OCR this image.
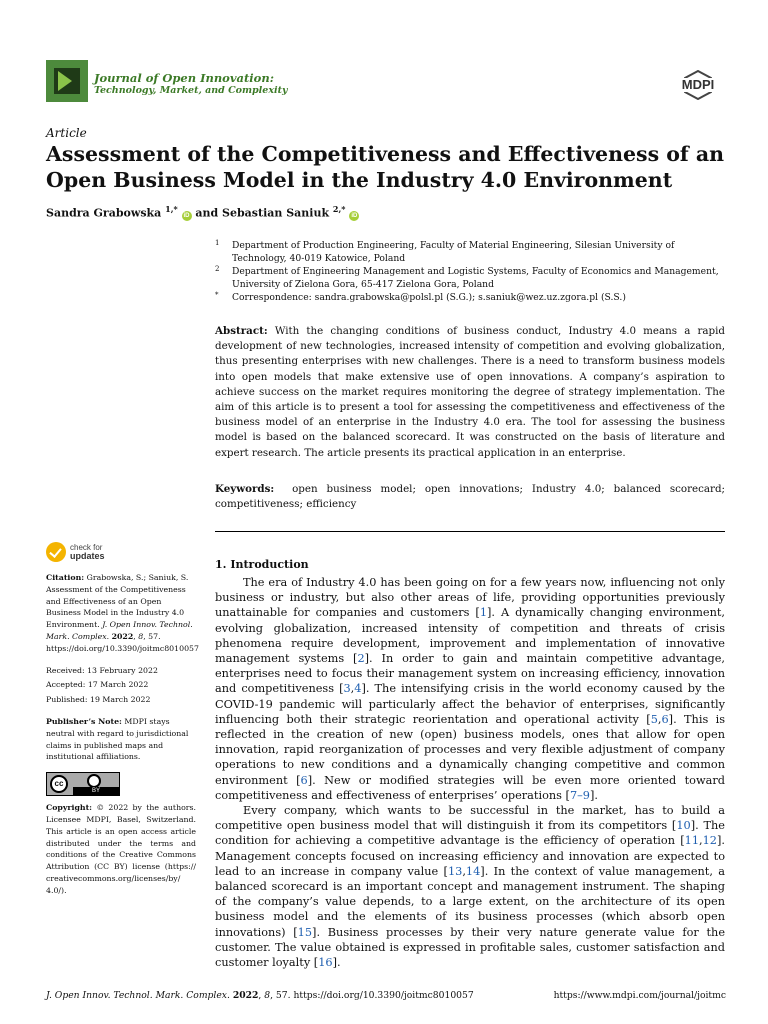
Journal of Open Innovation:
Technology, Market, and Complexity	MDPI
Article
Assessment of the Competitiveness and Effectiveness of an Open Business Model in the Industry 4.0 Environment
Sandra Grabowska $^{1,*}$ iD and Sebastian Saniuk $^{2,*}$ iD
1 Department of Production Engineering, Faculty of Material Engineering, Silesian University of Technology, 40-019 Katowice, Poland
2 Department of Engineering Management and Logistic Systems, Faculty of Economics and Management, University of Zielona Gora, 65-417 Zielona Gora, Poland
* Correspondence: sandra.grabowska@polsl.pl (S.G.); s.saniuk@wez.uz.zgora.pl (S.S.)
Abstract: With the changing conditions of business conduct, Industry 4.0 means a rapid development of new technologies, increased intensity of competition and evolving globalization, thus presenting enterprises with new challenges. There is a need to transform business models into open models that make extensive use of open innovations. A company’s aspiration to achieve success on the market requires monitoring the degree of strategy implementation. The aim of this article is to present a tool for assessing the competitiveness and effectiveness of the business model of an enterprise in the Industry 4.0 era. The tool for assessing the business model is based on the balanced scorecard. It was constructed on the basis of literature and expert research. The article presents its practical application in an enterprise.
Keywords: open business model; open innovations; Industry 4.0; balanced scorecard; competitiveness; efficiency
check for
updates
Citation: Grabowska, S.; Saniuk, S. Assessment of the Competitiveness and Effectiveness of an Open Business Model in the Industry 4.0 Environment. J. Open Innov. Technol. Mark. Complex. 2022, 8, 57. https://doi.org/10.3390/joitmc8010057
Received: 13 February 2022
Accepted: 17 March 2022
Published: 19 March 2022
Publisher’s Note: MDPI stays neutral with regard to jurisdictional claims in published maps and institutional affiliations.
cc
BY
Copyright: © 2022 by the authors. Licensee MDPI, Basel, Switzerland. This article is an open access article distributed under the terms and conditions of the Creative Commons Attribution (CC BY) license (https:// creativecommons.org/licenses/by/ 4.0/).
1. Introduction

The era of Industry 4.0 has been going on for a few years now, influencing not only business or industry, but also other areas of life, providing opportunities previously unattainable for companies and customers [1]. A dynamically changing environment, evolving globalization, increased intensity of competition and threats of crisis phenomena require development, improvement and implementation of innovative management systems [2]. In order to gain and maintain competitive advantage, enterprises need to focus their management system on increasing efficiency, innovation and competitiveness [3,4]. The intensifying crisis in the world economy caused by the COVID-19 pandemic will particularly affect the behavior of enterprises, significantly influencing both their strategic reorientation and operational activity [5,6]. This is reflected in the creation of new (open) business models, ones that allow for open innovation, rapid reorganization of processes and very flexible adjustment of company operations to new conditions and a dynamically changing competitive and common environment [6]. New or modified strategies will be even more oriented toward competitiveness and effectiveness of enterprises’ operations [7–9].

Every company, which wants to be successful in the market, has to build a competitive open business model that will distinguish it from its competitors [10]. The condition for achieving a competitive advantage is the efficiency of operation [11,12]. Management concepts focused on increasing efficiency and innovation are expected to lead to an increase in company value [13,14]. In the context of value management, a balanced scorecard is an important concept and management instrument. The shaping of the company’s value depends, to a large extent, on the architecture of its open business model and the elements of its business processes (which absorb open innovations) [15]. Business processes by their very nature generate value for the customer. The value obtained is expressed in profitable sales, customer satisfaction and customer loyalty [16].

J. Open Innov. Technol. Mark. Complex. 2022, 8, 57. https://doi.org/10.3390/joitmc8010057	https://www.mdpi.com/journal/joitmc
